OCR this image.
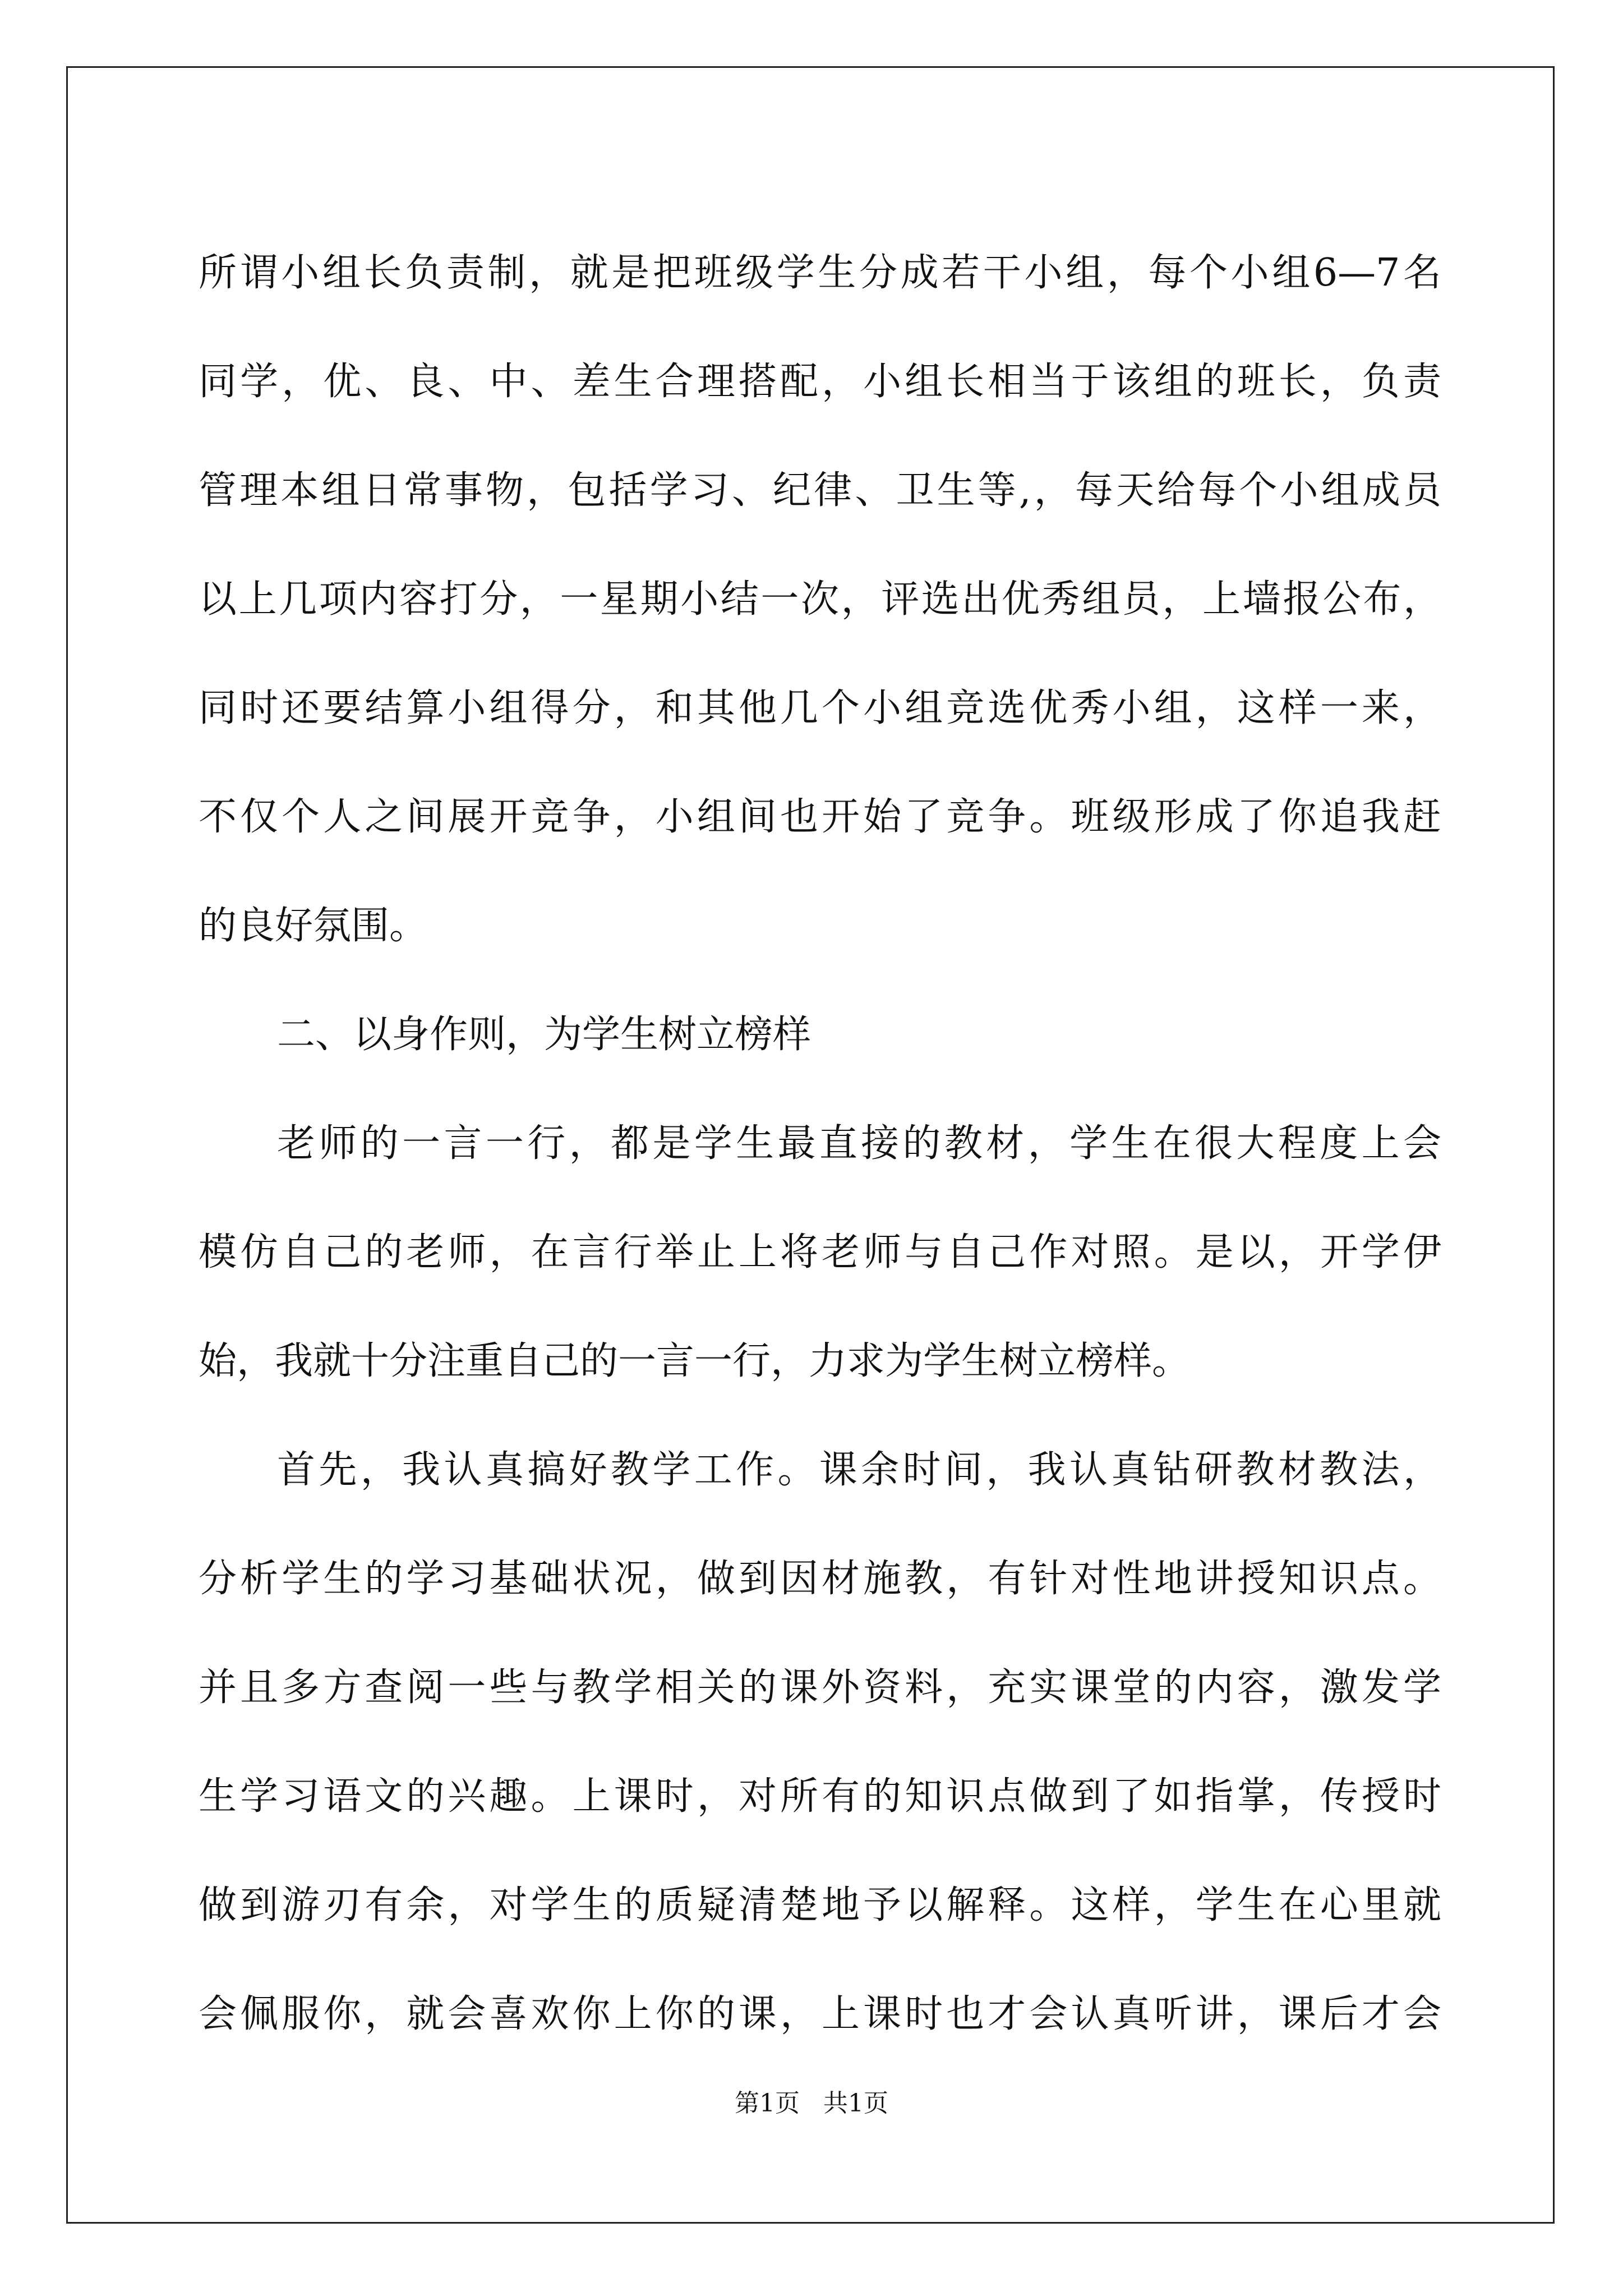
所谓小组长负责制，就是把班级学生分成若干小组，每个小组6—7名
同学，优、良、中、差生合理搭配，小组长相当于该组的班长，负责
管理本组日常事物，包括学习、纪律、卫生等,，每天给每个小组成员
以上几项内容打分，一星期小结一次，评选出优秀组员，上墙报公布，
同时还要结算小组得分，和其他几个小组竞选优秀小组，这样一来，
不仅个人之间展开竞争，小组间也开始了竞争。班级形成了你追我赶
的良好氛围。
二、以身作则，为学生树立榜样
老师的一言一行，都是学生最直接的教材，学生在很大程度上会
模仿自己的老师，在言行举止上将老师与自己作对照。是以，开学伊
始，我就十分注重自己的一言一行，力求为学生树立榜样。
首先，我认真搞好教学工作。课余时间，我认真钻研教材教法，
分析学生的学习基础状况，做到因材施教，有针对性地讲授知识点。
并且多方查阅一些与教学相关的课外资料，充实课堂的内容，激发学
生学习语文的兴趣。上课时，对所有的知识点做到了如指掌，传授时
做到游刃有余，对学生的质疑清楚地予以解释。这样，学生在心里就
会佩服你，就会喜欢你上你的课，上课时也才会认真听讲，课后才会
第1页 共1页
